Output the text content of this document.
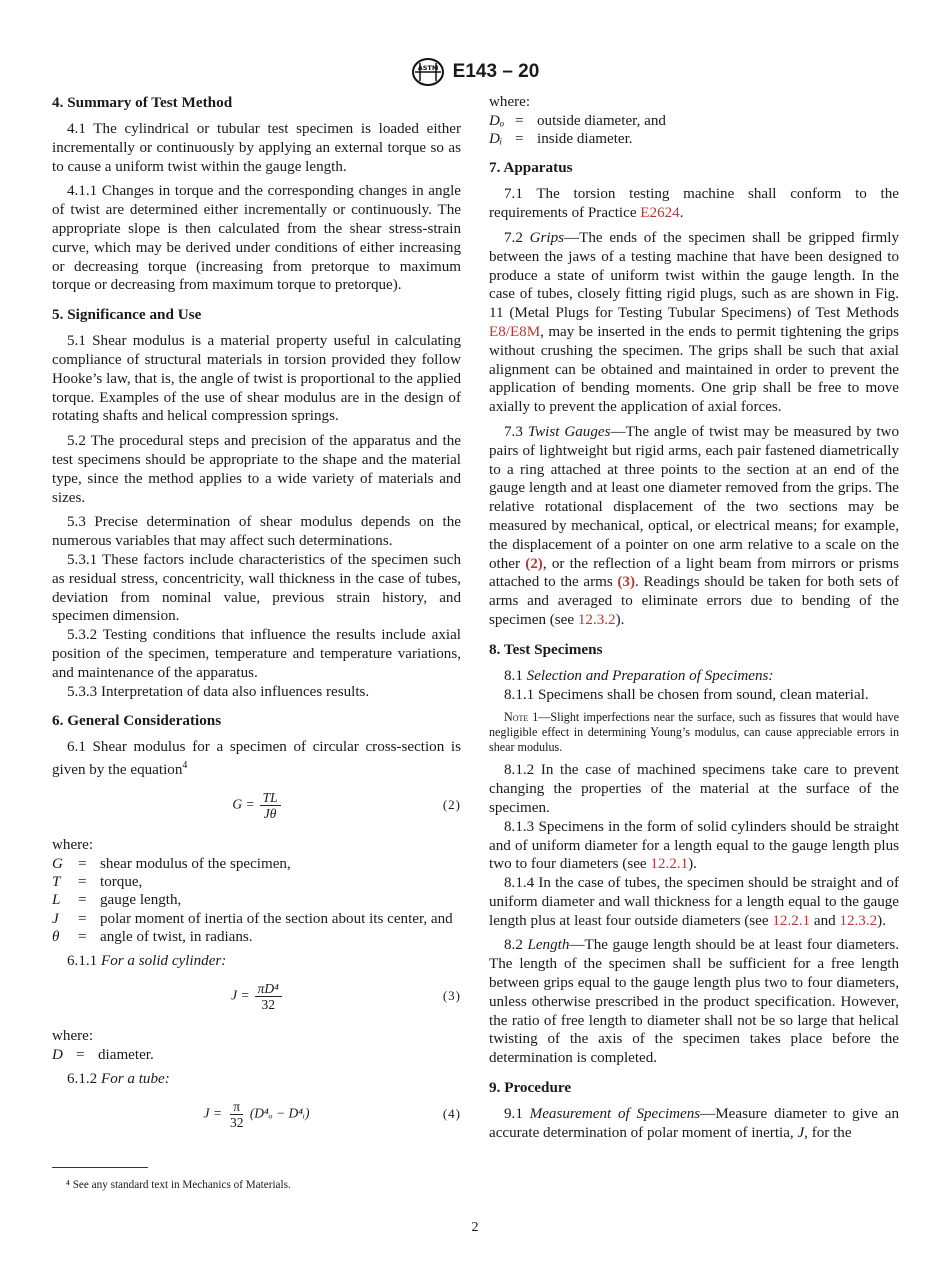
ASTM E143 – 20
4. Summary of Test Method

4.1 The cylindrical or tubular test specimen is loaded either incrementally or continuously by applying an external torque so as to cause a uniform twist within the gauge length.

4.1.1 Changes in torque and the corresponding changes in angle of twist are determined either incrementally or continuously. The appropriate slope is then calculated from the shear stress-strain curve, which may be derived under conditions of either increasing or decreasing torque (increasing from pretorque to maximum torque or decreasing from maximum torque to pretorque).

5. Significance and Use

5.1 Shear modulus is a material property useful in calculating compliance of structural materials in torsion provided they follow Hooke’s law, that is, the angle of twist is proportional to the applied torque. Examples of the use of shear modulus are in the design of rotating shafts and helical compression springs.

5.2 The procedural steps and precision of the apparatus and the test specimens should be appropriate to the shape and the material type, since the method applies to a wide variety of materials and sizes.

5.3 Precise determination of shear modulus depends on the numerous variables that may affect such determinations.

5.3.1 These factors include characteristics of the specimen such as residual stress, concentricity, wall thickness in the case of tubes, deviation from nominal value, previous strain history, and specimen dimension.

5.3.2 Testing conditions that influence the results include axial position of the specimen, temperature and temperature variations, and maintenance of the apparatus.

5.3.3 Interpretation of data also influences results.

6. General Considerations

6.1 Shear modulus for a specimen of circular cross-section is given by the equation$^4$

$G = \frac{TL}{J\theta}$	(2)

where:

G = shear modulus of the specimen,
T	= torque,
L	= gauge length,
J	= polar moment of inertia of the section about its center, and
θ	= angle of twist, in radians.

6.1.1 For a solid cylinder:

$J = \frac{\text{πD⁴}}{32}$	(3)

where:

D = diameter.

6.1.2 For a tube:

$J = \frac{\pi}{32} (D^4_o$ − D⁴ᵢ)	(4)

where:

Dₒ = outside diameter, and
Dᵢ = inside diameter.
7. Apparatus

7.1 The torsion testing machine shall conform to the requirements of Practice E2624.

7.2 Grips—The ends of the specimen shall be gripped firmly between the jaws of a testing machine that have been designed to produce a state of uniform twist within the gauge length. In the case of tubes, closely fitting rigid plugs, such as are shown in Fig. 11 (Metal Plugs for Testing Tubular Specimens) of Test Methods E8/E8M, may be inserted in the ends to permit tightening the grips without crushing the specimen. The grips shall be such that axial alignment can be obtained and maintained in order to prevent the application of bending moments. One grip shall be free to move axially to prevent the application of axial forces.

7.3 Twist Gauges—The angle of twist may be measured by two pairs of lightweight but rigid arms, each pair fastened diametrically to a ring attached at three points to the section at an end of the gauge length and at least one diameter removed from the grips. The relative rotational displacement of the two sections may be measured by mechanical, optical, or electrical means; for example, the displacement of a pointer on one arm relative to a scale on the other (2), or the reflection of a light beam from mirrors or prisms attached to the arms (3). Readings should be taken for both sets of arms and averaged to eliminate errors due to bending of the specimen (see 12.3.2).

8. Test Specimens

8.1 Selection and Preparation of Specimens:

8.1.1 Specimens shall be chosen from sound, clean material.

Note 1—Slight imperfections near the surface, such as fissures that would have negligible effect in determining Young’s modulus, can cause appreciable errors in shear modulus.

8.1.2 In the case of machined specimens take care to prevent changing the properties of the material at the surface of the specimen.

8.1.3 Specimens in the form of solid cylinders should be straight and of uniform diameter for a length equal to the gauge length plus two to four diameters (see 12.2.1).

8.1.4 In the case of tubes, the specimen should be straight and of uniform diameter and wall thickness for a length equal to the gauge length plus at least four outside diameters (see 12.2.1 and 12.3.2).

8.2 Length—The gauge length should be at least four diameters. The length of the specimen shall be sufficient for a free length between grips equal to the gauge length plus two to four diameters, unless otherwise prescribed in the product specification. However, the ratio of free length to diameter shall not be so large that helical twisting of the axis of the specimen takes place before the determination is completed.

9. Procedure

9.1 Measurement of Specimens—Measure diameter to give an accurate determination of polar moment of inertia, J, for the

⁴ See any standard text in Mechanics of Materials.
2
